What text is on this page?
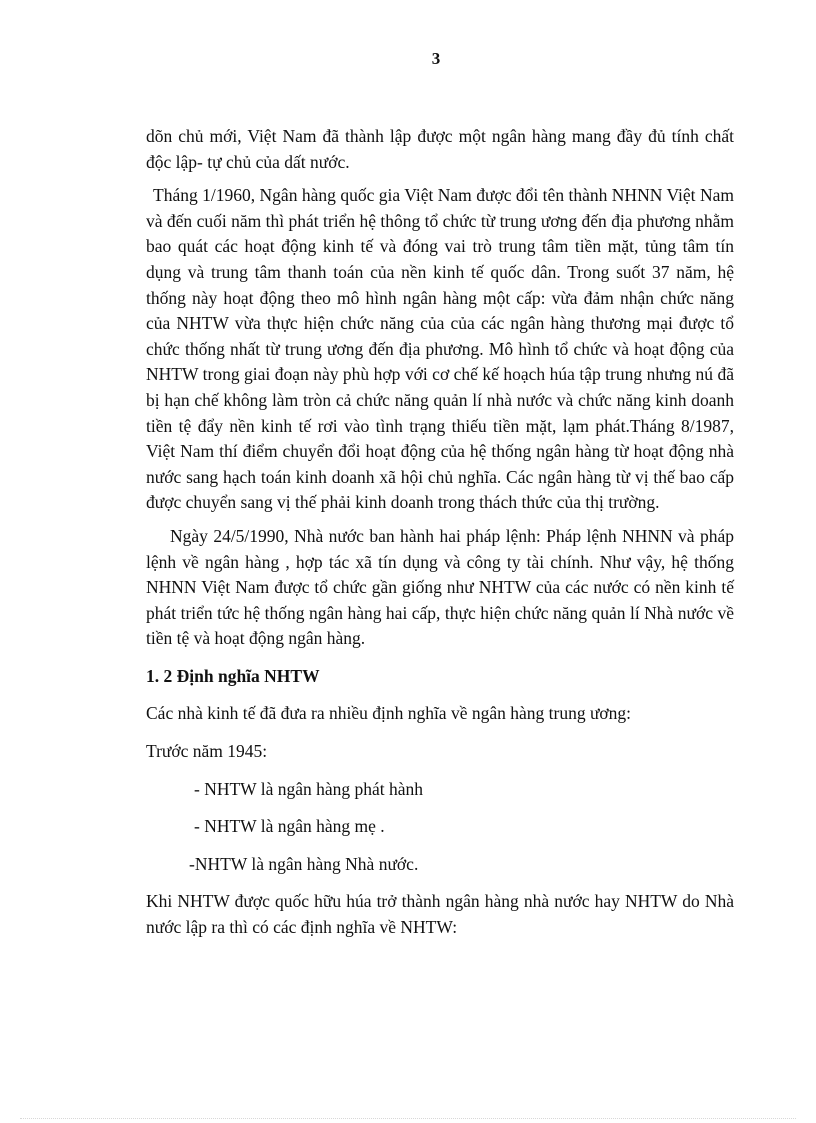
3

dõn chủ mới, Việt Nam đã thành lập được một ngân hàng mang đầy đủ tính chất độc lập- tự chủ của dất nước.

Tháng 1/1960, Ngân hàng quốc gia Việt Nam được đổi tên thành NHNN Việt Nam và đến cuối năm thì phát triển hệ thông tổ chức từ trung ương đến địa phương nhằm bao quát các hoạt động kinh tế và đóng vai trò trung tâm tiền mặt, tủng tâm tín dụng và trung tâm thanh toán của nền kinh tế quốc dân. Trong suốt 37 năm, hệ thống này hoạt động theo mô hình ngân hàng một cấp: vừa đảm nhận chức năng của NHTW vừa thực hiện chức năng của của các ngân hàng thương mại được tổ chức thống nhất từ trung ương đến địa phương. Mô hình tổ chức và hoạt động của NHTW trong giai đoạn này phù hợp với cơ chế kế hoạch húa tập trung nhưng nú đã bị hạn chế không làm tròn cả chức năng quản lí nhà nước và chức năng kinh doanh tiền tệ đẩy nền kinh tế rơi vào tình trạng thiếu tiền mặt, lạm phát.Tháng 8/1987, Việt Nam thí điểm chuyển đổi hoạt động của hệ thống ngân hàng từ hoạt động nhà nước sang hạch toán kinh doanh xã hội chủ nghĩa. Các ngân hàng từ vị thế bao cấp được chuyển sang vị thế phải kinh doanh trong thách thức của thị trường.

Ngày 24/5/1990, Nhà nước ban hành hai pháp lệnh: Pháp lệnh NHNN và pháp lệnh về ngân hàng , hợp tác xã tín dụng và công ty tài chính. Như vậy, hệ thống NHNN Việt Nam được tổ chức gần giống như NHTW của các nước có nền kinh tế phát triển tức hệ thống ngân hàng hai cấp, thực hiện chức năng quản lí Nhà nước về tiền tệ và hoạt động ngân hàng.

1. 2 Định nghĩa NHTW

Các nhà kinh tế đã đưa ra nhiều định nghĩa về ngân hàng trung ương:

Trước năm 1945:

- NHTW là ngân hàng phát hành

- NHTW là ngân hàng mẹ .

-NHTW là ngân hàng Nhà nước.

Khi NHTW được quốc hữu húa trở thành ngân hàng nhà nước hay NHTW do Nhà nước lập ra thì có các định nghĩa về NHTW:
